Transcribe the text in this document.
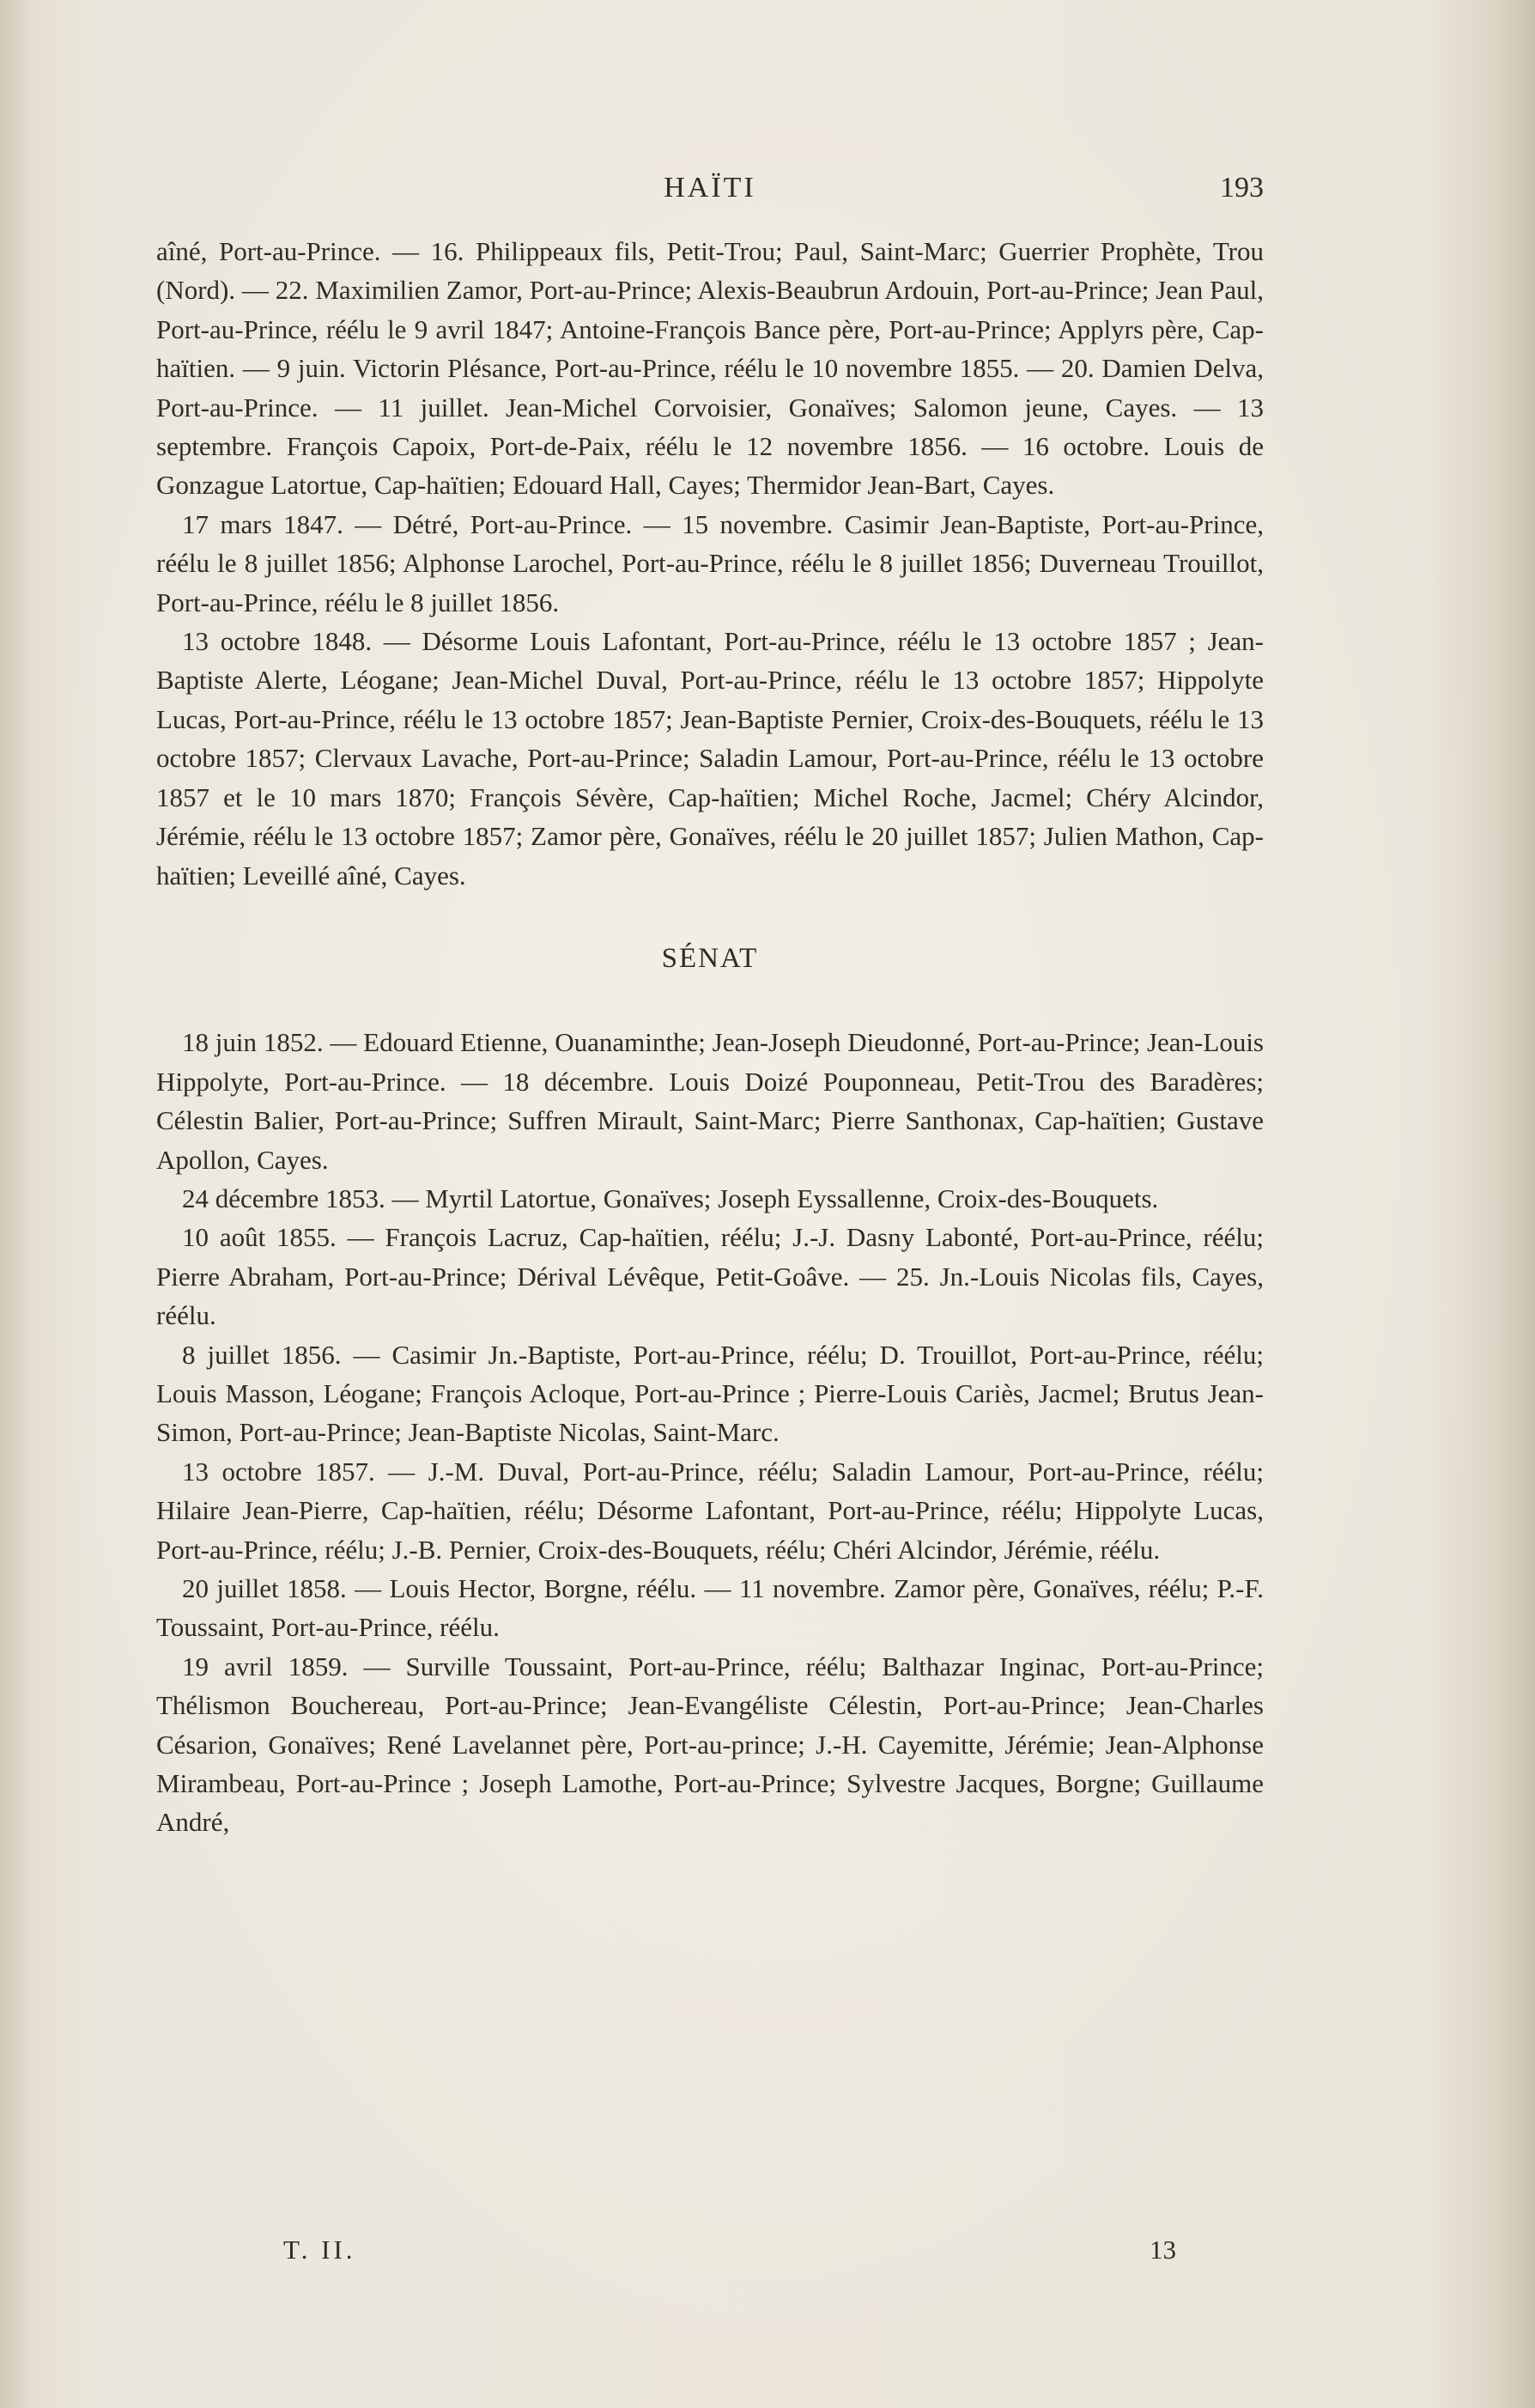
HAÏTI	193

aîné, Port-au-Prince. — 16. Philippeaux fils, Petit-Trou; Paul, Saint-Marc; Guerrier Prophète, Trou (Nord). — 22. Maximilien Zamor, Port-au-Prince; Alexis-Beaubrun Ardouin, Port-au-Prince; Jean Paul, Port-au-Prince, réélu le 9 avril 1847; Antoine-François Bance père, Port-au-Prince; Applyrs père, Cap-haïtien. — 9 juin. Victorin Plésance, Port-au-Prince, réélu le 10 novembre 1855. — 20. Damien Delva, Port-au-Prince. — 11 juillet. Jean-Michel Corvoisier, Gonaïves; Salomon jeune, Cayes. — 13 septembre. François Capoix, Port-de-Paix, réélu le 12 novembre 1856. — 16 octobre. Louis de Gonzague Latortue, Cap-haïtien; Edouard Hall, Cayes; Thermidor Jean-Bart, Cayes.

17 mars 1847. — Détré, Port-au-Prince. — 15 novembre. Casimir Jean-Baptiste, Port-au-Prince, réélu le 8 juillet 1856; Alphonse Larochel, Port-au-Prince, réélu le 8 juillet 1856; Duverneau Trouillot, Port-au-Prince, réélu le 8 juillet 1856.

13 octobre 1848. — Désorme Louis Lafontant, Port-au-Prince, réélu le 13 octobre 1857 ; Jean-Baptiste Alerte, Léogane; Jean-Michel Duval, Port-au-Prince, réélu le 13 octobre 1857; Hippolyte Lucas, Port-au-Prince, réélu le 13 octobre 1857; Jean-Baptiste Pernier, Croix-des-Bouquets, réélu le 13 octobre 1857; Clervaux Lavache, Port-au-Prince; Saladin Lamour, Port-au-Prince, réélu le 13 octobre 1857 et le 10 mars 1870; François Sévère, Cap-haïtien; Michel Roche, Jacmel; Chéry Alcindor, Jérémie, réélu le 13 octobre 1857; Zamor père, Gonaïves, réélu le 20 juillet 1857; Julien Mathon, Cap-haïtien; Leveillé aîné, Cayes.

SÉNAT

18 juin 1852. — Edouard Etienne, Ouanaminthe; Jean-Joseph Dieudonné, Port-au-Prince; Jean-Louis Hippolyte, Port-au-Prince. — 18 décembre. Louis Doizé Pouponneau, Petit-Trou des Baradères; Célestin Balier, Port-au-Prince; Suffren Mirault, Saint-Marc; Pierre Santhonax, Cap-haïtien; Gustave Apollon, Cayes.

24 décembre 1853. — Myrtil Latortue, Gonaïves; Joseph Eyssallenne, Croix-des-Bouquets.

10 août 1855. — François Lacruz, Cap-haïtien, réélu; J.-J. Dasny Labonté, Port-au-Prince, réélu; Pierre Abraham, Port-au-Prince; Dérival Lévêque, Petit-Goâve. — 25. Jn.-Louis Nicolas fils, Cayes, réélu.

8 juillet 1856. — Casimir Jn.-Baptiste, Port-au-Prince, réélu; D. Trouillot, Port-au-Prince, réélu; Louis Masson, Léogane; François Acloque, Port-au-Prince ; Pierre-Louis Cariès, Jacmel; Brutus Jean-Simon, Port-au-Prince; Jean-Baptiste Nicolas, Saint-Marc.

13 octobre 1857. — J.-M. Duval, Port-au-Prince, réélu; Saladin Lamour, Port-au-Prince, réélu; Hilaire Jean-Pierre, Cap-haïtien, réélu; Désorme Lafontant, Port-au-Prince, réélu; Hippolyte Lucas, Port-au-Prince, réélu; J.-B. Pernier, Croix-des-Bouquets, réélu; Chéri Alcindor, Jérémie, réélu.

20 juillet 1858. — Louis Hector, Borgne, réélu. — 11 novembre. Zamor père, Gonaïves, réélu; P.-F. Toussaint, Port-au-Prince, réélu.

19 avril 1859. — Surville Toussaint, Port-au-Prince, réélu; Balthazar Inginac, Port-au-Prince; Thélismon Bouchereau, Port-au-Prince; Jean-Evangéliste Célestin, Port-au-Prince; Jean-Charles Césarion, Gonaïves; René Lavelannet père, Port-au-prince; J.-H. Cayemitte, Jérémie; Jean-Alphonse Mirambeau, Port-au-Prince ; Joseph Lamothe, Port-au-Prince; Sylvestre Jacques, Borgne; Guillaume André,

T. II.	13
